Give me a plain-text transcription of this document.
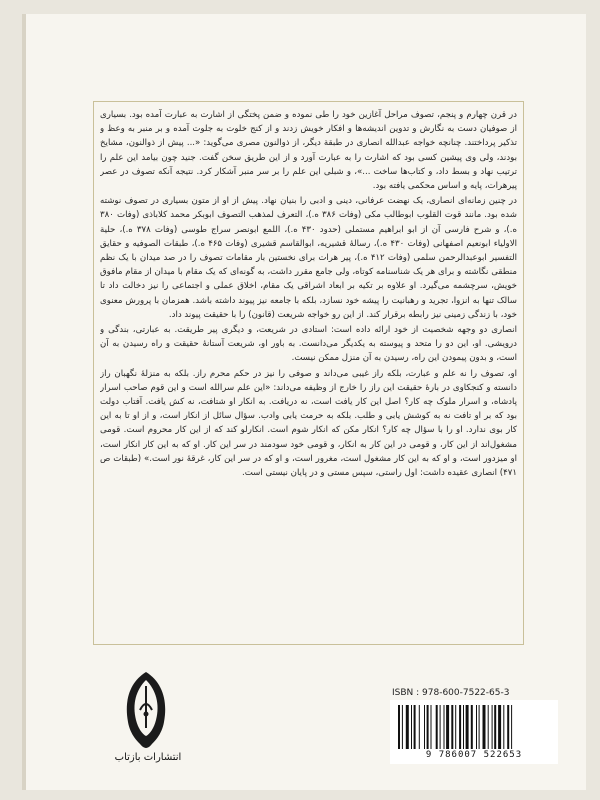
در قرن چهارم و پنجم، تصوف مراحل آغازین خود را طی نموده و ضمن پختگی از اشارت به عبارت آمده بود. بسیاری از صوفیان دست به نگارش و تدوین اندیشه‌ها و افکار خویش زدند و از کنج خلوت به جلوت آمده و بر منبر به وعظ و تذکیر پرداختند. چنانچه خواجه عبدالله انصاری در طبقة دیگر، از ذوالنون مصری می‌گوید: «... پیش از ذوالنون، مشایخ بودند، ولی وی پیشین کسی بود که اشارت را به عبارت آورد و از این طریق سخن گفت. جنید چون بیامد این علم را ترتیب نهاد و بسط داد، و کتاب‌ها ساخت ...»، و شبلی این علم را بر سر منبر آشکار کرد. نتیجه آنکه تصوف در عصر پیرهرات، پایه و اساس محکمی یافته بود.

در چنین زمانه‌ای انصاری، یک نهضت عرفانی، دینی و ادبی را بنیان نهاد. پیش از او از متون بسیاری در تصوف نوشته شده بود. مانند قوت القلوب ابوطالب مکی (وفات ۳۸۶ ه.)، التعرف لمذهب التصوف ابوبکر محمد کلاباذی (وفات ۳۸۰ ه.)، و شرح فارسی آن از ابو ابراهیم مستملی (حدود ۴۳۰ ه.)، اللمع ابونصر سراج طوسی (وفات ۳۷۸ ه.)، حلیة الاولیاء ابونعیم اصفهانی (وفات ۴۳۰ ه.)، رسالهٔ قشیریه، ابوالقاسم قشیری (وفات ۴۶۵ ه.)، طبقات الصوفیه و حقایق التفسیر ابوعبدالرحمن سلمی (وفات ۴۱۲ ه.)، پیر هرات برای نخستین بار مقامات تصوف را در صد میدان با یک نظم منطقی نگاشته و برای هر یک شناسنامه کوتاه، ولی جامع مقرر داشت، به گونه‌ای که یک مقام با میدان از مقام مافوق خویش، سرچشمه می‌گیرد. او علاوه بر تکیه بر ابعاد اشراقی یک مقام، اخلاق عملی و اجتماعی را نیز دخالت داد تا سالک تنها به انزوا، تجرید و رهبانیت را پیشه خود نسازد، بلکه با جامعه نیز پیوند داشته باشد. همزمان با پرورش معنوی خود، با زندگی زمینی نیز رابطه برقرار کند. از این رو خواجه شریعت (قانون) را با حقیقت پیوند داد.

انصاری دو وجهه شخصیت از خود ارائه داده است: استادی در شریعت، و دیگری پیر طریقت. به عبارتی، بندگی و درویشی. او، این دو را متحد و پیوسته به یکدیگر می‌دانست. به باور او، شریعت آستانهٔ حقیقت و راه رسیدن به آن است، و بدون پیمودن این راه، رسیدن به آن منزل ممکن نیست.

او، تصوف را نه علم و عبارت، بلکه راز غیبی می‌داند و صوفی را نیز در حکم محرم راز. بلکه به منزلهٔ نگهبان راز دانسته و کنجکاوی در بارهٔ حقیقت این راز را خارج از وظیفه می‌داند: «این علم سرالله است و این قوم صاحب اسرار پادشاه، و اسرار ملوک چه کار؟ اصل این کار یافت است، نه دریافت. به انکار او شتافت، نه کش یافت. آفتاب دولت بود که بر او تافت نه به کوشش یابی و طلب. بلکه به حرمت یابی وادب. سؤال سائل از انکار است، و از او تا به این کار بوی ندارد. او را با سؤال چه کار؟ انکار مکن که انکار شوم است. انکارلو کند که از این کار محروم است. قومی مشغول‌اند از این کار، و قومی در این کار به انکار، و قومی خود سودمند در سر این کار. او که به این کار انکار است، او میزدور است، و او که به این کار مشغول است، مغرور است، و او که در سر این کار، غرقهٔ نور است.» (طبقات ص ۴۷۱) انصاری عقیده داشت: اول راستی، سپس مستی و در پایان نیستی است.

انتشارات بازتاب
ISBN : 978-600-7522-65-3
9 786007 522653
